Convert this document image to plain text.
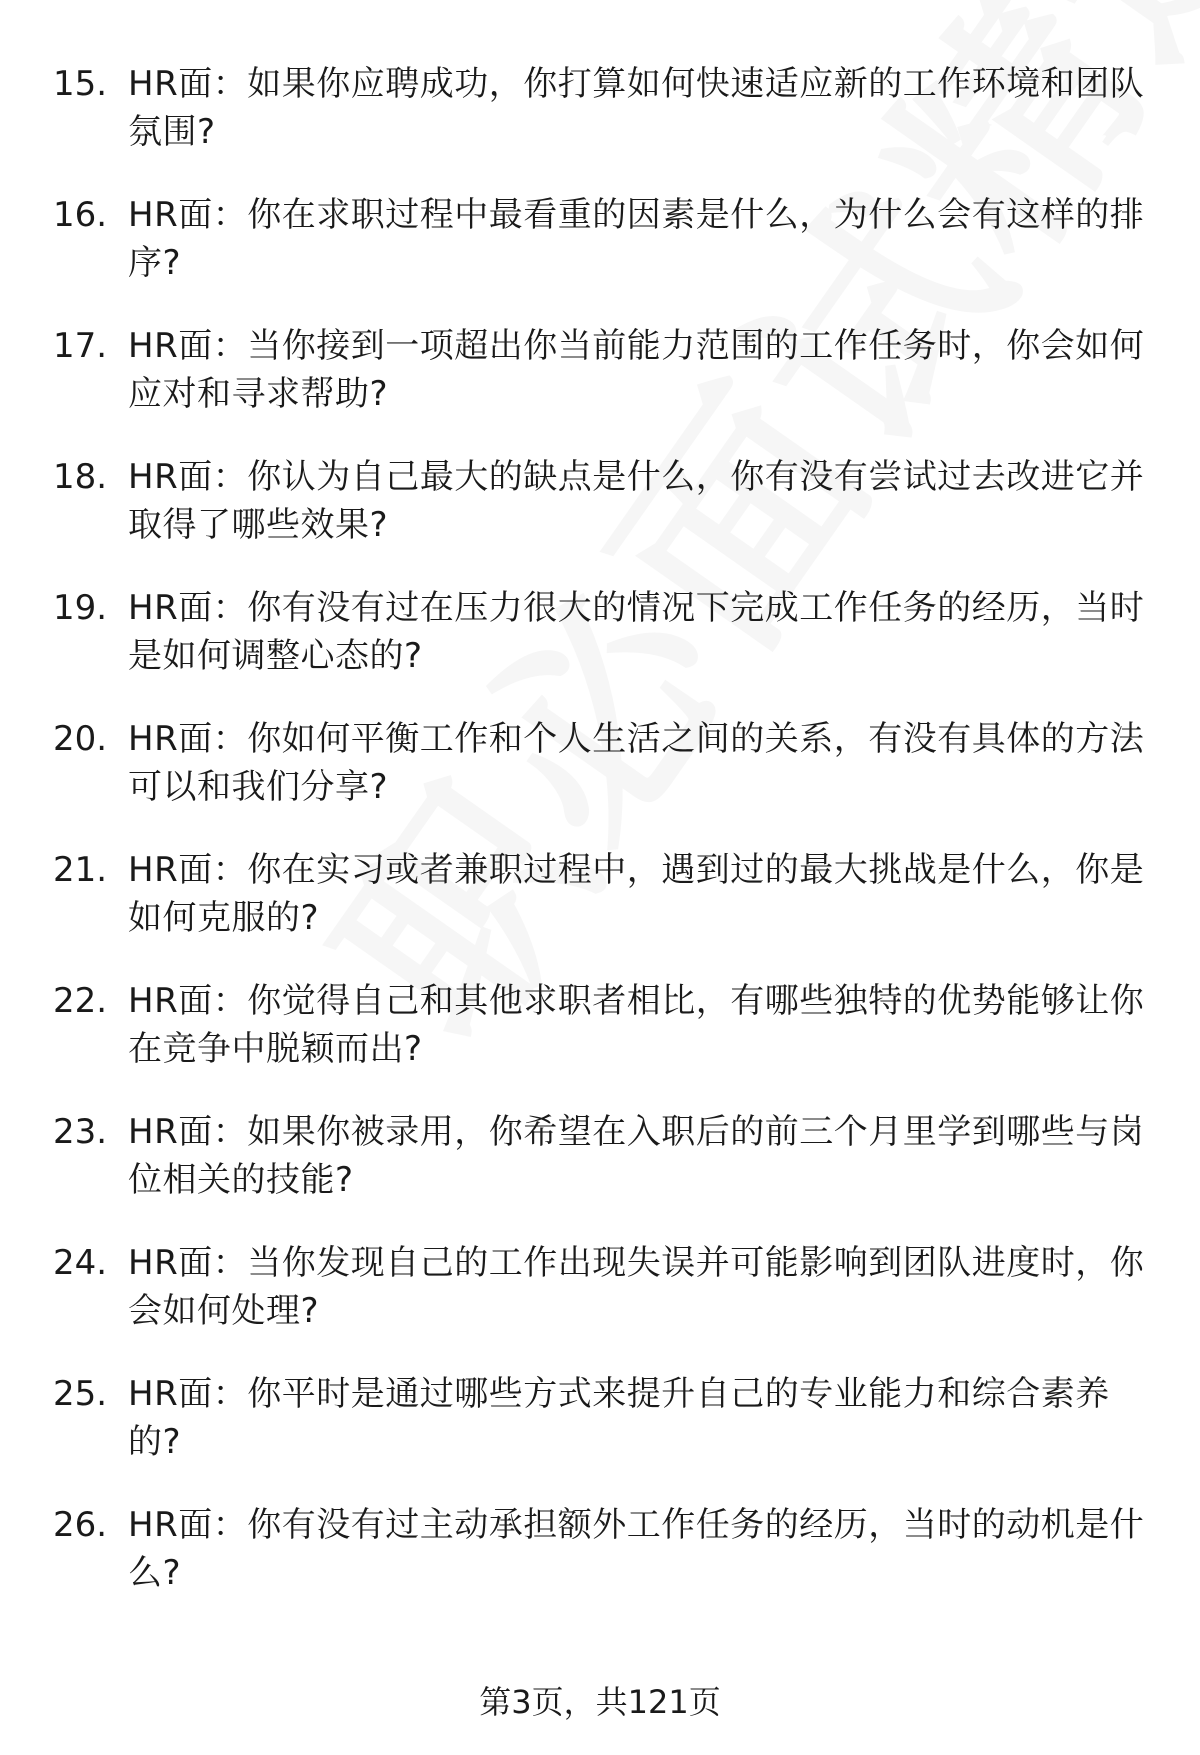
15. HR面：如果你应聘成功，你打算如何快速适应新的工作环境和团队氛围?
16. HR面：你在求职过程中最看重的因素是什么，为什么会有这样的排序?
17. HR面：当你接到一项超出你当前能力范围的工作任务时，你会如何应对和寻求帮助?
18. HR面：你认为自己最大的缺点是什么，你有没有尝试过去改进它并取得了哪些效果?
19. HR面：你有没有过在压力很大的情况下完成工作任务的经历，当时是如何调整心态的?
20. HR面：你如何平衡工作和个人生活之间的关系，有没有具体的方法可以和我们分享?
21. HR面：你在实习或者兼职过程中，遇到过的最大挑战是什么，你是如何克服的?
22. HR面：你觉得自己和其他求职者相比，有哪些独特的优势能够让你在竞争中脱颖而出?
23. HR面：如果你被录用，你希望在入职后的前三个月里学到哪些与岗位相关的技能?
24. HR面：当你发现自己的工作出现失误并可能影响到团队进度时，你会如何处理?
25. HR面：你平时是通过哪些方式来提升自己的专业能力和综合素养的?
26. HR面：你有没有过主动承担额外工作任务的经历，当时的动机是什么?
第3页，共121页
